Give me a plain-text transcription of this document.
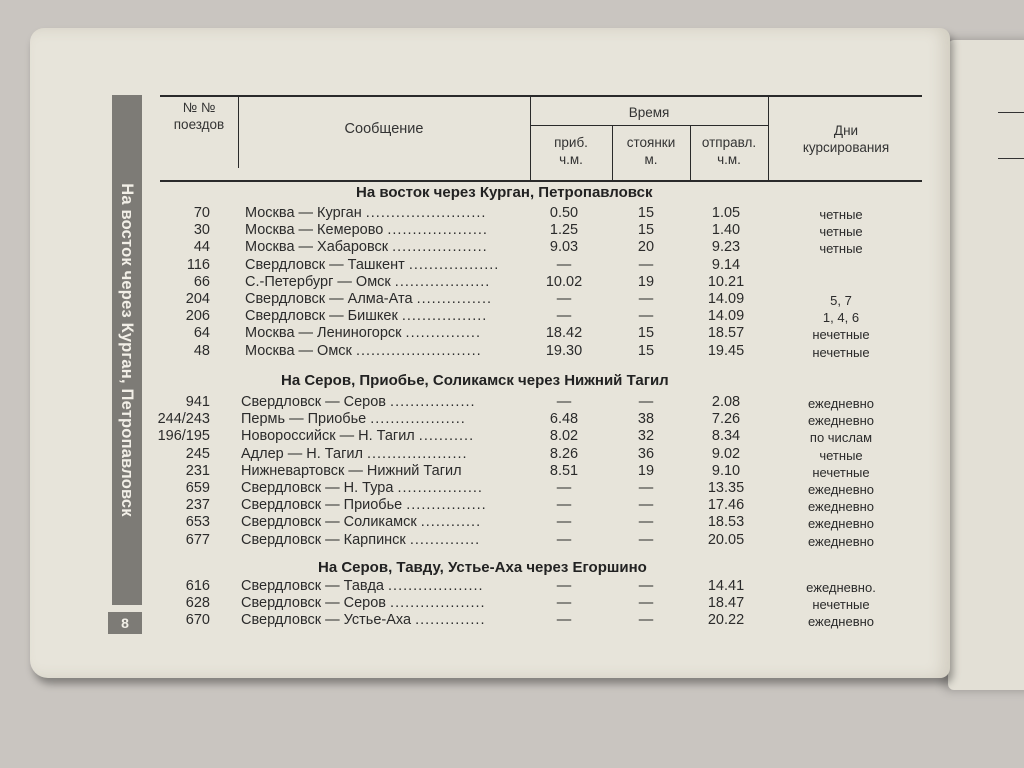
На восток через Курган, Петропавловск
8
№ №
поездов	Сообщение
Время
приб.
ч.м.
стоянки
м.
отправл.
ч.м.
Дни
курсирования
На восток через Курган, Петропавловск
На Серов, Приобье, Соликамск через Нижний Тагил
На Серов, Тавду, Устье-Аха через Егоршино
70 Москва — Курган ........................	0.50	15	1.05	четные
30 Москва — Кемерово ....................	1.25	15	1.40	четные
44 Москва — Хабаровск ...................	9.03	20	9.23	четные
116 Свердловск — Ташкент ..................	—	—	9.14
66 С.-Петербург — Омск ...................	10.02	19	10.21
204 Свердловск — Алма-Ата ...............	—	—	14.09	5, 7
206 Свердловск — Бишкек .................	—	—	14.09	1, 4, 6
64 Москва — Лениногорск ...............	18.42	15	18.57	нечетные
48 Москва — Омск .........................	19.30	15	19.45	нечетные
941 Свердловск — Серов .................	—	—	2.08	ежедневно
244/243 Пермь — Приобье ...................	6.48	38	7.26	ежедневно
196/195 Новороссийск — Н. Тагил ...........	8.02	32	8.34	по числам
245 Адлер — Н. Тагил ....................	8.26	36	9.02	четные
231 Нижневартовск — Нижний Тагил	8.51	19	9.10	нечетные
659 Свердловск — Н. Тура .................	—	—	13.35	ежедневно
237 Свердловск — Приобье ................	—	—	17.46	ежедневно
653 Свердловск — Соликамск ............	—	—	18.53	ежедневно
677 Свердловск — Карпинск ..............	—	—	20.05	ежедневно
616 Свердловск — Тавда ...................	—	—	14.41	ежедневно.
628 Свердловск — Серов ...................	—	—	18.47	нечетные
670 Свердловск — Устье-Аха ..............	—	—	20.22	ежедневно
